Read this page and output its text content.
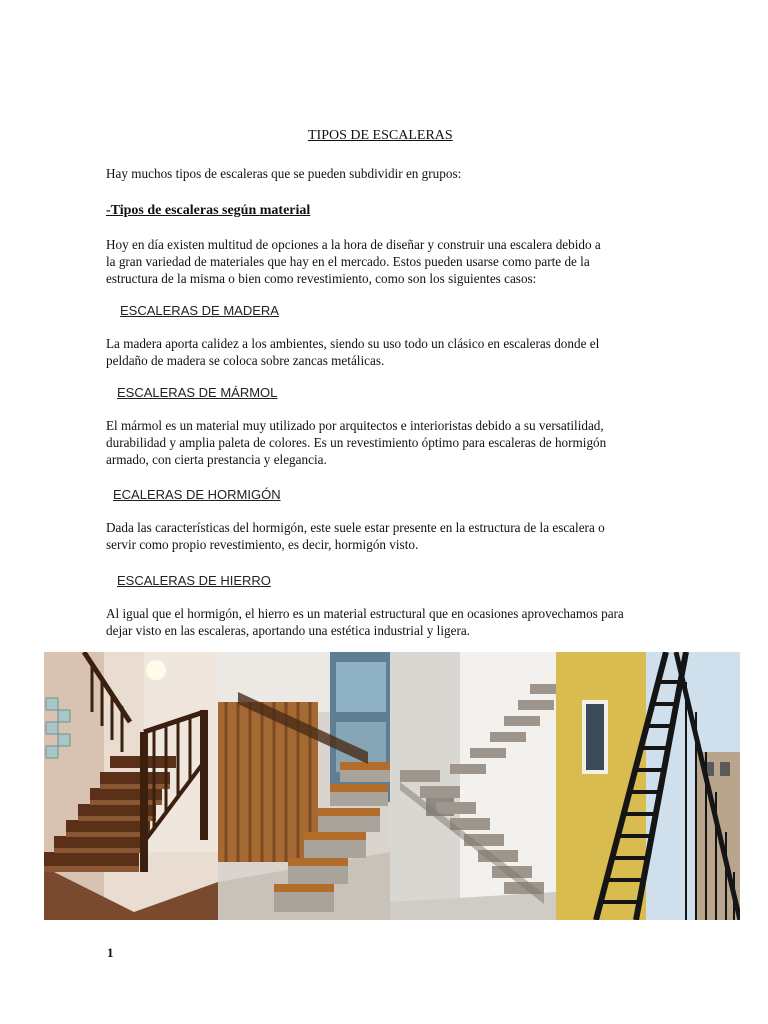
TIPOS DE ESCALERAS
Hay muchos tipos de escaleras que se pueden subdividir en grupos:
-Tipos de escaleras según material
Hoy en día existen multitud de opciones a la hora de diseñar y construir una escalera debido a
la gran variedad de materiales que hay en el mercado. Estos pueden usarse como parte de la
estructura de la misma o bien como revestimiento, como son los siguientes casos:
ESCALERAS DE MADERA
La madera aporta calidez a los ambientes, siendo su uso todo un clásico en escaleras donde el
peldaño de madera se coloca sobre zancas metálicas.
ESCALERAS DE MÁRMOL
El mármol es un material muy utilizado por arquitectos e interioristas debido a su versatilidad,
durabilidad y amplia paleta de colores. Es un revestimiento óptimo para escaleras de hormigón
armado, con cierta prestancia y elegancia.
ECALERAS DE HORMIGÓN
Dada las características del hormigón, este suele estar presente en la estructura de la escalera o
servir como propio revestimiento, es decir, hormigón visto.
ESCALERAS DE HIERRO
Al igual que el hormigón, el hierro es un material estructural que en ocasiones aprovechamos para
dejar visto en las escaleras, aportando una estética industrial y ligera.
1
